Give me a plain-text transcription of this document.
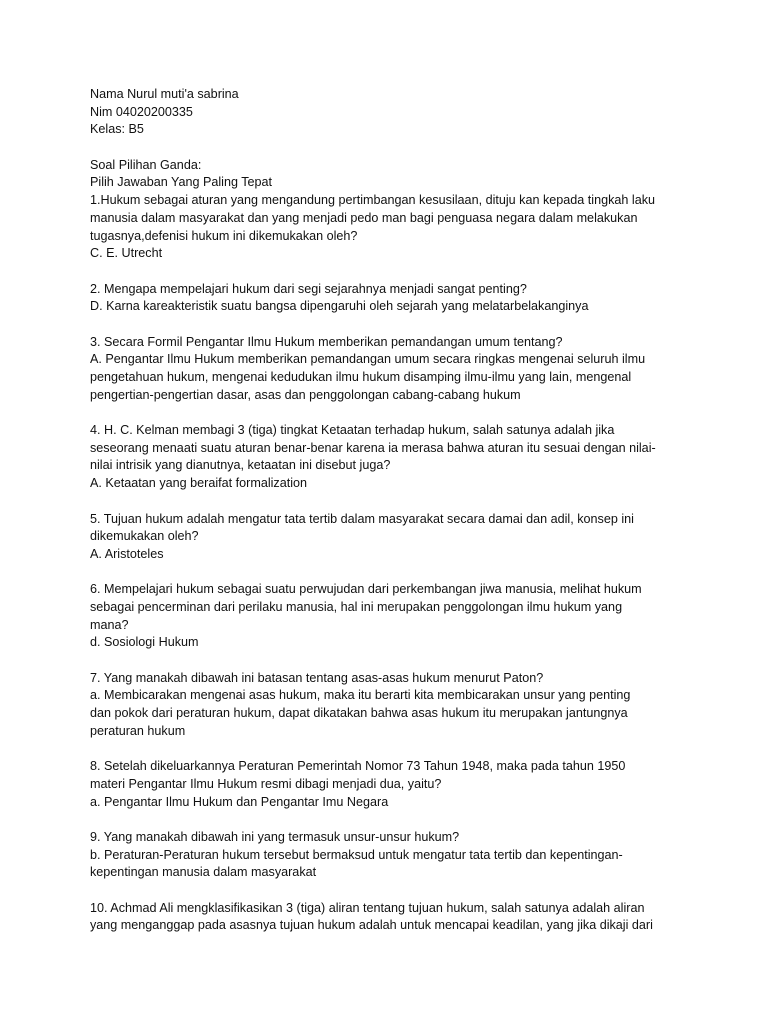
Nama Nurul muti'a sabrina
Nim 04020200335
Kelas: B5
Soal Pilihan Ganda:
Pilih Jawaban Yang Paling Tepat
1.Hukum sebagai aturan yang mengandung pertimbangan kesusilaan, dituju kan kepada tingkah laku
manusia dalam masyarakat dan yang menjadi pedo man bagi penguasa negara dalam melakukan
tugasnya,defenisi hukum ini dikemukakan oleh?
C. E. Utrecht
2. Mengapa mempelajari hukum dari segi sejarahnya menjadi sangat penting?
D. Karna kareakteristik suatu bangsa dipengaruhi oleh sejarah yang melatarbelakanginya
3. Secara Formil Pengantar Ilmu Hukum memberikan pemandangan umum tentang?
A. Pengantar Ilmu Hukum memberikan pemandangan umum secara ringkas mengenai seluruh ilmu
pengetahuan hukum, mengenai kedudukan ilmu hukum disamping ilmu-ilmu yang lain, mengenal
pengertian-pengertian dasar, asas dan penggolongan cabang-cabang hukum
4. H. C. Kelman membagi 3 (tiga) tingkat Ketaatan terhadap hukum, salah satunya adalah jika
seseorang menaati suatu aturan benar-benar karena ia merasa bahwa aturan itu sesuai dengan nilai-
nilai intrisik yang dianutnya, ketaatan ini disebut juga?
A. Ketaatan yang beraifat formalization
5. Tujuan hukum adalah mengatur tata tertib dalam masyarakat secara damai dan adil, konsep ini
dikemukakan oleh?
A. Aristoteles
6. Mempelajari hukum sebagai suatu perwujudan dari perkembangan jiwa manusia, melihat hukum
sebagai pencerminan dari perilaku manusia, hal ini merupakan penggolongan ilmu hukum yang
mana?
d. Sosiologi Hukum
7. Yang manakah dibawah ini batasan tentang asas-asas hukum menurut Paton?
a. Membicarakan mengenai asas hukum, maka itu berarti kita membicarakan unsur yang penting
dan pokok dari peraturan hukum, dapat dikatakan bahwa asas hukum itu merupakan jantungnya
peraturan hukum
8. Setelah dikeluarkannya Peraturan Pemerintah Nomor 73 Tahun 1948, maka pada tahun 1950
materi Pengantar Ilmu Hukum resmi dibagi menjadi dua, yaitu?
a. Pengantar Ilmu Hukum dan Pengantar Imu Negara
9. Yang manakah dibawah ini yang termasuk unsur-unsur hukum?
b. Peraturan-Peraturan hukum tersebut bermaksud untuk mengatur tata tertib dan kepentingan-
kepentingan manusia dalam masyarakat
10. Achmad Ali mengklasifikasikan 3 (tiga) aliran tentang tujuan hukum, salah satunya adalah aliran
yang menganggap pada asasnya tujuan hukum adalah untuk mencapai keadilan, yang jika dikaji dari
